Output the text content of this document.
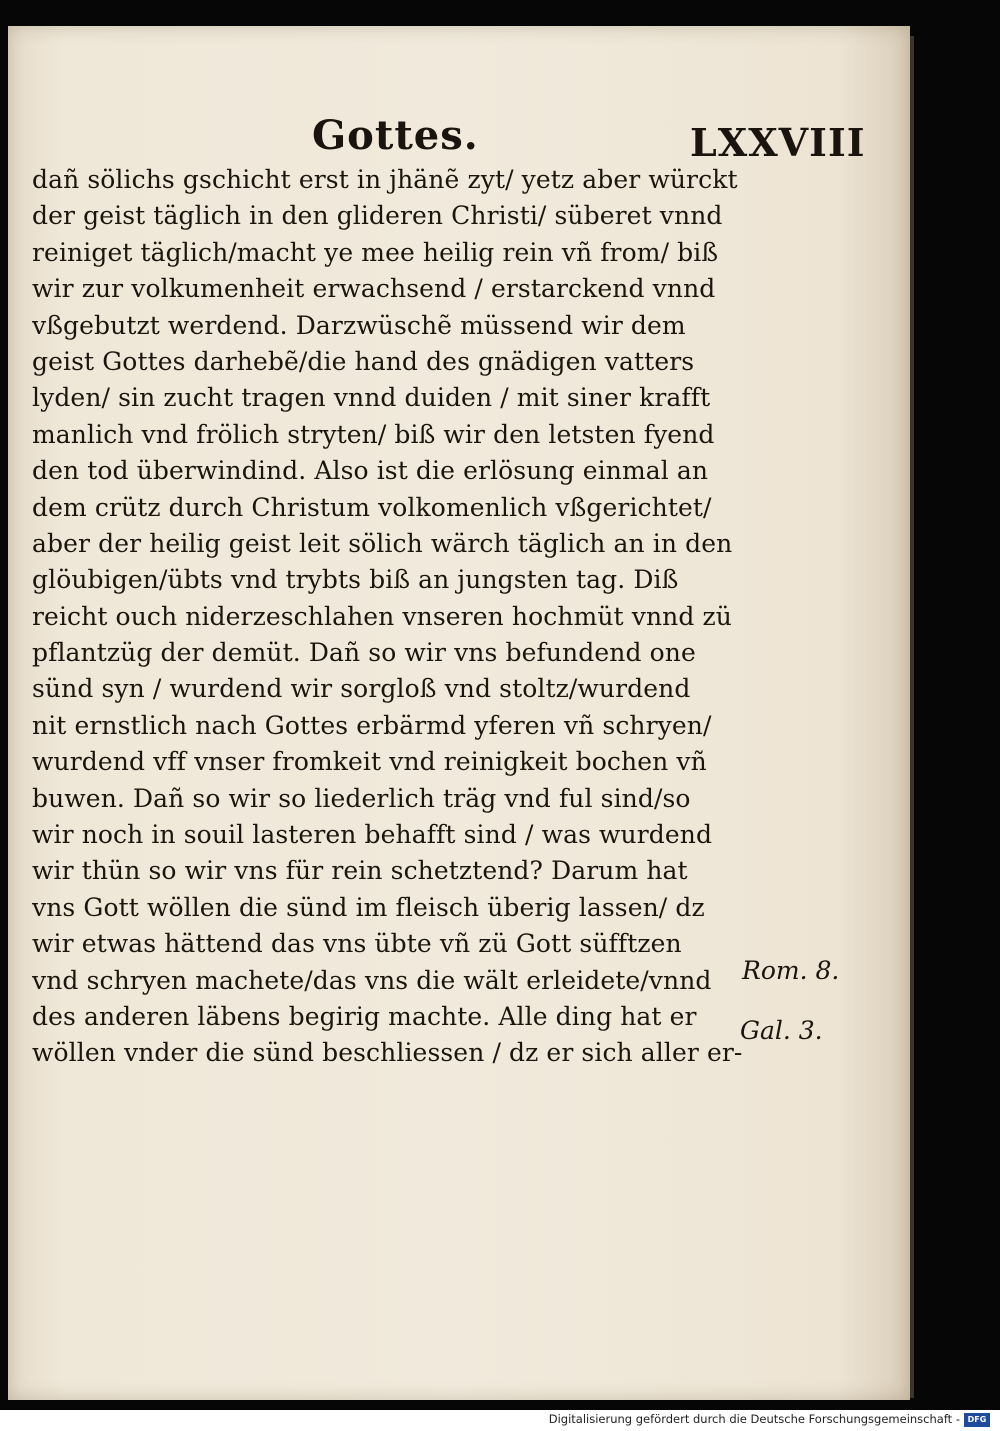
Gottes.	LXXVIII
dañ sölichs gschicht erst in jhänẽ zyt/ yetz aber würckt
der geist täglich in den glideren Christi/ süberet vnnd
reiniget täglich/macht ye mee heilig rein vñ from/ biß
wir zur volkumenheit erwachsend / erstarckend vnnd
vßgebutzt werdend. Darzwüschẽ müssend wir dem
geist Gottes darhebẽ/die hand des gnädigen vatters
lyden/ sin zucht tragen vnnd duiden / mit siner krafft
manlich vnd frölich stryten/ biß wir den letsten fyend
den tod überwindind. Also ist die erlösung einmal an
dem crütz durch Christum volkomenlich vßgerichtet/
aber der heilig geist leit sölich wärch täglich an in den
glöubigen/übts vnd trybts biß an jungsten tag. Diß
reicht ouch niderzeschlahen vnseren hochmüt vnnd zü
pflantzüg der demüt. Dañ so wir vns befundend one
sünd syn / wurdend wir sorgloß vnd stoltz/wurdend
nit ernstlich nach Gottes erbärmd yferen vñ schryen/
wurdend vff vnser fromkeit vnd reinigkeit bochen vñ
buwen. Dañ so wir so liederlich träg vnd ful sind/so
wir noch in souil lasteren behafft sind / was wurdend
wir thün so wir vns für rein schetztend? Darum hat
vns Gott wöllen die sünd im fleisch überig lassen/ dz
wir etwas hättend das vns übte vñ zü Gott süfftzen
vnd schryen machete/das vns die wält erleidete/vnnd
des anderen läbens begirig machte. Alle ding hat er
wöllen vnder die sünd beschliessen / dz er sich aller er-
Rom. 8.
Gal. 3.
Digitalisierung gefördert durch die Deutsche Forschungsgemeinschaft - DFG
